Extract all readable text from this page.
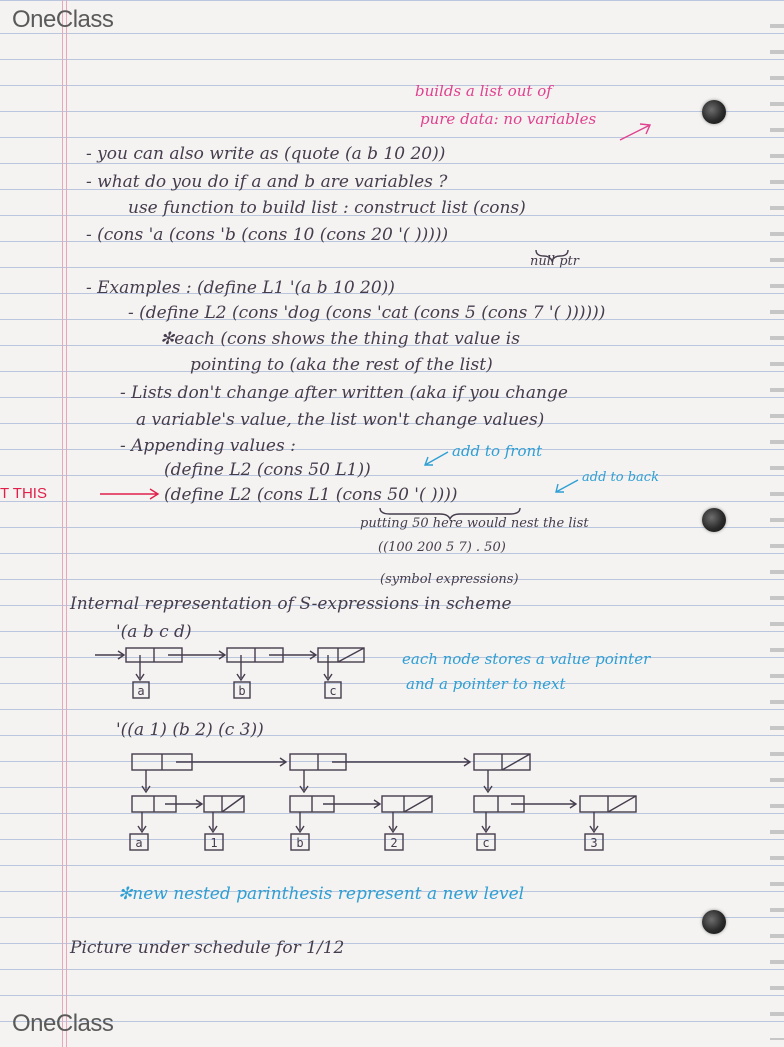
OneClass
OneClass
builds a list out of
pure data: no variables
- you can also write as (quote (a b 10 20))
- what do you do if a and b are variables ?
use function to build list : construct list (cons)
- (cons 'a (cons 'b (cons 10 (cons 20 '( )))))
null ptr
- Examples : (define L1 '(a b 10 20))
- (define L2 (cons 'dog (cons 'cat (cons 5 (cons 7 '( ))))))
✻each (cons shows the thing that value is
pointing to (aka the rest of the list)
- Lists don't change after written (aka if you change
a variable's value, the list won't change values)
- Appending values :	add to front
(define L2 (cons 50 L1))	add to back
T THIS	(define L2 (cons L1 (cons 50 '( ))))
putting 50 here would nest the list
((100 200 5 7) . 50)
(symbol expressions)
Internal representation of S-expressions in scheme
'(a b c d)
each node stores a value pointer
and a pointer to next
'((a 1) (b 2) (c 3))
✻new nested parinthesis represent a new level
Picture under schedule for 1/12
a	b	c
a	1	b	2	c	3
